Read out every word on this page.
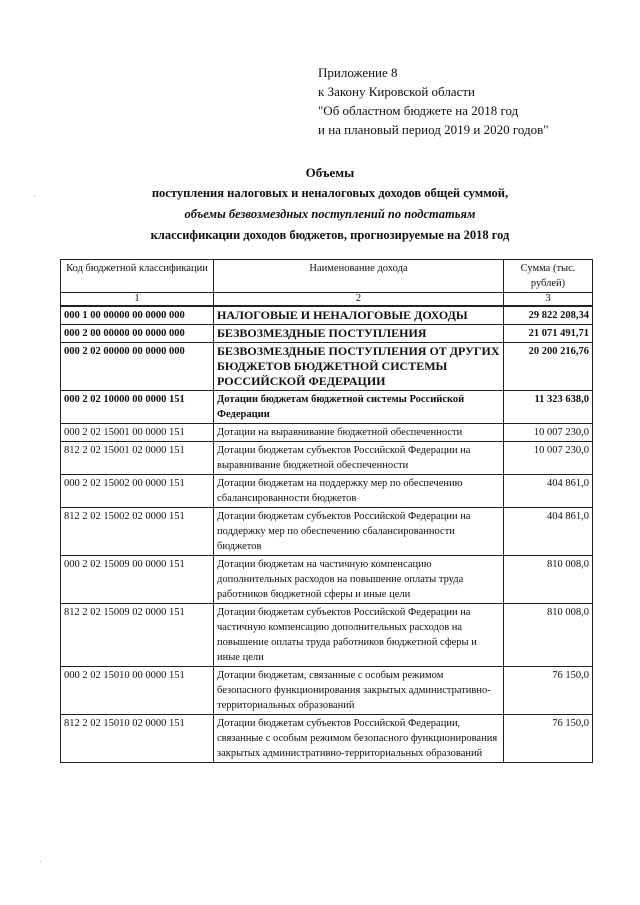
Приложение 8
к Закону Кировской области
"Об областном бюджете на 2018 год
и на плановый период 2019 и 2020 годов"
Объемы
поступления налоговых и неналоговых доходов общей суммой,
объемы безвозмездных поступлений по подстатьям
классификации доходов бюджетов, прогнозируемые на 2018 год
Код бюджетной классификации	Наименование дохода	Сумма (тыс. рублей)
1	2	3
000 1 00 00000 00 0000 000	НАЛОГОВЫЕ И НЕНАЛОГОВЫЕ ДОХОДЫ	29 822 208,34
000 2 00 00000 00 0000 000	БЕЗВОЗМЕЗДНЫЕ ПОСТУПЛЕНИЯ	21 071 491,71
000 2 02 00000 00 0000 000	БЕЗВОЗМЕЗДНЫЕ ПОСТУПЛЕНИЯ ОТ ДРУГИХ БЮДЖЕТОВ БЮДЖЕТНОЙ СИСТЕМЫ РОССИЙСКОЙ ФЕДЕРАЦИИ	20 200 216,76
000 2 02 10000 00 0000 151	Дотации бюджетам бюджетной системы Российской Федерации	11 323 638,0
000 2 02 15001 00 0000 151	Дотации на выравнивание бюджетной обеспеченности	10 007 230,0
812 2 02 15001 02 0000 151	Дотации бюджетам субъектов Российской Федерации на выравнивание бюджетной обеспеченности	10 007 230,0
000 2 02 15002 00 0000 151	Дотации бюджетам на поддержку мер по обеспечению сбалансированности бюджетов	404 861,0
812 2 02 15002 02 0000 151	Дотации бюджетам субъектов Российской Федерации на поддержку мер по обеспечению сбалансированности бюджетов	404 861,0
000 2 02 15009 00 0000 151	Дотации бюджетам на частичную компенсацию дополнительных расходов на повышение оплаты труда работников бюджетной сферы и иные цели	810 008,0
812 2 02 15009 02 0000 151	Дотации бюджетам субъектов Российской Федерации на частичную компенсацию дополнительных расходов на повышение оплаты труда работников бюджетной сферы и иные цели	810 008,0
000 2 02 15010 00 0000 151	Дотации бюджетам, связанные с особым режимом безопасного функционирования закрытых административно-территориальных образований	76 150,0
812 2 02 15010 02 0000 151	Дотации бюджетам субъектов Российской Федерации, связанные с особым режимом безопасного функционирования закрытых административно-территориальных образований	76 150,0
